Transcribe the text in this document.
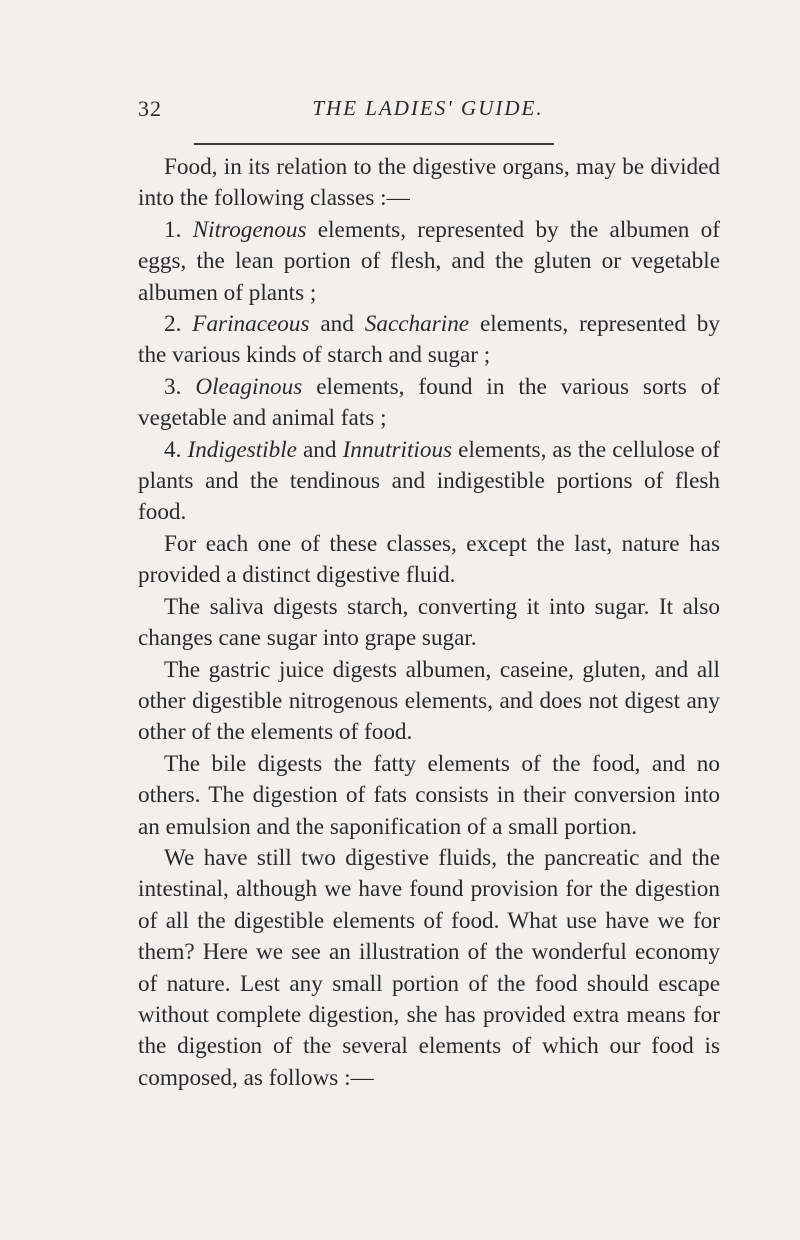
32	THE LADIES' GUIDE.

Food, in its relation to the digestive organs, may be divided into the following classes :—

1. Nitrogenous elements, represented by the albumen of eggs, the lean portion of flesh, and the gluten or vegetable albumen of plants ;

2. Farinaceous and Saccharine elements, represented by the various kinds of starch and sugar ;

3. Oleaginous elements, found in the various sorts of vegetable and animal fats ;

4. Indigestible and Innutritious elements, as the cellulose of plants and the tendinous and indigestible portions of flesh food.

For each one of these classes, except the last, nature has provided a distinct digestive fluid.

The saliva digests starch, converting it into sugar. It also changes cane sugar into grape sugar.

The gastric juice digests albumen, caseine, gluten, and all other digestible nitrogenous elements, and does not digest any other of the elements of food.

The bile digests the fatty elements of the food, and no others. The digestion of fats consists in their conversion into an emulsion and the saponification of a small portion.

We have still two digestive fluids, the pancreatic and the intestinal, although we have found provision for the digestion of all the digestible elements of food. What use have we for them? Here we see an illustration of the wonderful economy of nature. Lest any small portion of the food should escape without complete digestion, she has provided extra means for the digestion of the several elements of which our food is composed, as follows :—
